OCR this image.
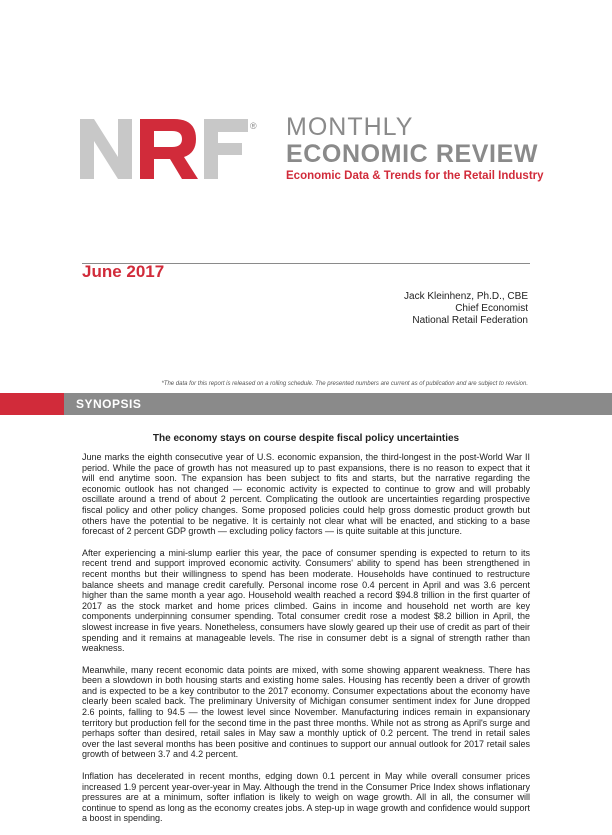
® MONTHLY
ECONOMIC REVIEW
Economic Data & Trends for the Retail Industry
June 2017
Jack Kleinhenz, Ph.D., CBE
Chief Economist
National Retail Federation
*The data for this report is released on a rolling schedule. The presented numbers are current as of publication and are subject to revision.
SYNOPSIS
The economy stays on course despite fiscal policy uncertainties

June marks the eighth consecutive year of U.S. economic expansion, the third-longest in the post-World War II period. While the pace of growth has not measured up to past expansions, there is no reason to expect that it will end anytime soon. The expansion has been subject to fits and starts, but the narrative regarding the economic outlook has not changed — economic activity is expected to continue to grow and will probably oscillate around a trend of about 2 percent. Complicating the outlook are uncertainties regarding prospective fiscal policy and other policy changes. Some proposed policies could help gross domestic product growth but others have the potential to be negative. It is certainly not clear what will be enacted, and sticking to a base forecast of 2 percent GDP growth — excluding policy factors — is quite suitable at this juncture.

After experiencing a mini-slump earlier this year, the pace of consumer spending is expected to return to its recent trend and support improved economic activity. Consumers' ability to spend has been strengthened in recent months but their willingness to spend has been moderate. Households have continued to restructure balance sheets and manage credit carefully. Personal income rose 0.4 percent in April and was 3.6 percent higher than the same month a year ago. Household wealth reached a record $94.8 trillion in the first quarter of 2017 as the stock market and home prices climbed. Gains in income and household net worth are key components underpinning consumer spending. Total consumer credit rose a modest $8.2 billion in April, the slowest increase in five years. Nonetheless, consumers have slowly geared up their use of credit as part of their spending and it remains at manageable levels. The rise in consumer debt is a signal of strength rather than weakness.

Meanwhile, many recent economic data points are mixed, with some showing apparent weakness. There has been a slowdown in both housing starts and existing home sales. Housing has recently been a driver of growth and is expected to be a key contributor to the 2017 economy. Consumer expectations about the economy have clearly been scaled back. The preliminary University of Michigan consumer sentiment index for June dropped 2.6 points, falling to 94.5 — the lowest level since November. Manufacturing indices remain in expansionary territory but production fell for the second time in the past three months. While not as strong as April's surge and perhaps softer than desired, retail sales in May saw a monthly uptick of 0.2 percent. The trend in retail sales over the last several months has been positive and continues to support our annual outlook for 2017 retail sales growth of between 3.7 and 4.2 percent.

Inflation has decelerated in recent months, edging down 0.1 percent in May while overall consumer prices increased 1.9 percent year-over-year in May. Although the trend in the Consumer Price Index shows inflationary pressures are at a minimum, softer inflation is likely to weigh on wage growth. All in all, the consumer will continue to spend as long as the economy creates jobs. A step-up in wage growth and confidence would support a boost in spending.
